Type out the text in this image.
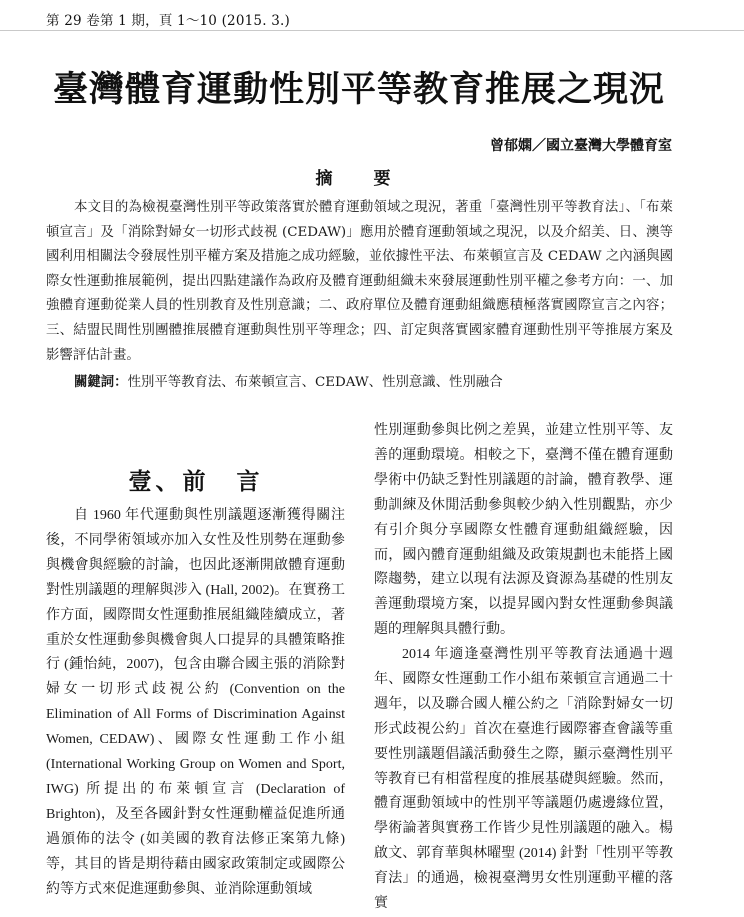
第 29 卷第 1 期，頁 1～10 (2015. 3.)
臺灣體育運動性別平等教育推展之現況
曾郁嫻／國立臺灣大學體育室
摘　要

本文目的為檢視臺灣性別平等政策落實於體育運動領域之現況，著重「臺灣性別平等教育法」、「布萊頓宣言」及「消除對婦女一切形式歧視 (CEDAW)」應用於體育運動領域之現況，以及介紹美、日、澳等國利用相關法令發展性別平權方案及措施之成功經驗，並依據性平法、布萊頓宣言及 CEDAW 之內涵與國際女性運動推展範例，提出四點建議作為政府及體育運動組織未來發展運動性別平權之參考方向：一、加強體育運動從業人員的性別教育及性別意識；二、政府單位及體育運動組織應積極落實國際宣言之內容；三、結盟民間性別團體推展體育運動與性別平等理念；四、訂定與落實國家體育運動性別平等推展方案及影響評估計畫。

關鍵詞：性別平等教育法、布萊頓宣言、CEDAW、性別意識、性別融合
壹、前　言

自 1960 年代運動與性別議題逐漸獲得關注後，不同學術領域亦加入女性及性別勢在運動參與機會與經驗的討論，也因此逐漸開啟體育運動對性別議題的理解與涉入 (Hall, 2002)。在實務工作方面，國際間女性運動推展組織陸續成立，著重於女性運動參與機會與人口提昇的具體策略推行 (鍾怡純，2007)，包含由聯合國主張的消除對婦女一切形式歧視公約 (Convention on the Elimination of All Forms of Discrimination Against Women, CEDAW)、國際女性運動工作小組 (International Working Group on Women and Sport, IWG) 所提出的布萊頓宣言 (Declaration of Brighton)，及至各國針對女性運動權益促進所通過頒佈的法令 (如美國的教育法修正案第九條) 等，其目的皆是期待藉由國家政策制定或國際公約等方式來促進運動參與、並消除運動領域

性別運動參與比例之差異，並建立性別平等、友善的運動環境。相較之下，臺灣不僅在體育運動學術中仍缺乏對性別議題的討論，體育教學、運動訓練及休閒活動參與較少納入性別觀點，亦少有引介與分享國際女性體育運動組織經驗，因而，國內體育運動組織及政策規劃也未能搭上國際趨勢，建立以現有法源及資源為基礎的性別友善運動環境方案，以提昇國內對女性運動參與議題的理解與具體行動。

2014 年適逢臺灣性別平等教育法通過十週年、國際女性運動工作小組布萊頓宣言通過二十週年，以及聯合國人權公約之「消除對婦女一切形式歧視公約」首次在臺進行國際審查會議等重要性別議題倡議活動發生之際，顯示臺灣性別平等教育已有相當程度的推展基礎與經驗。然而，體育運動領域中的性別平等議題仍處邊緣位置，學術論著與實務工作皆少見性別議題的融入。楊啟文、郭育華與林曜聖 (2014) 針對「性別平等教育法」的通過，檢視臺灣男女性別運動平權的落實
